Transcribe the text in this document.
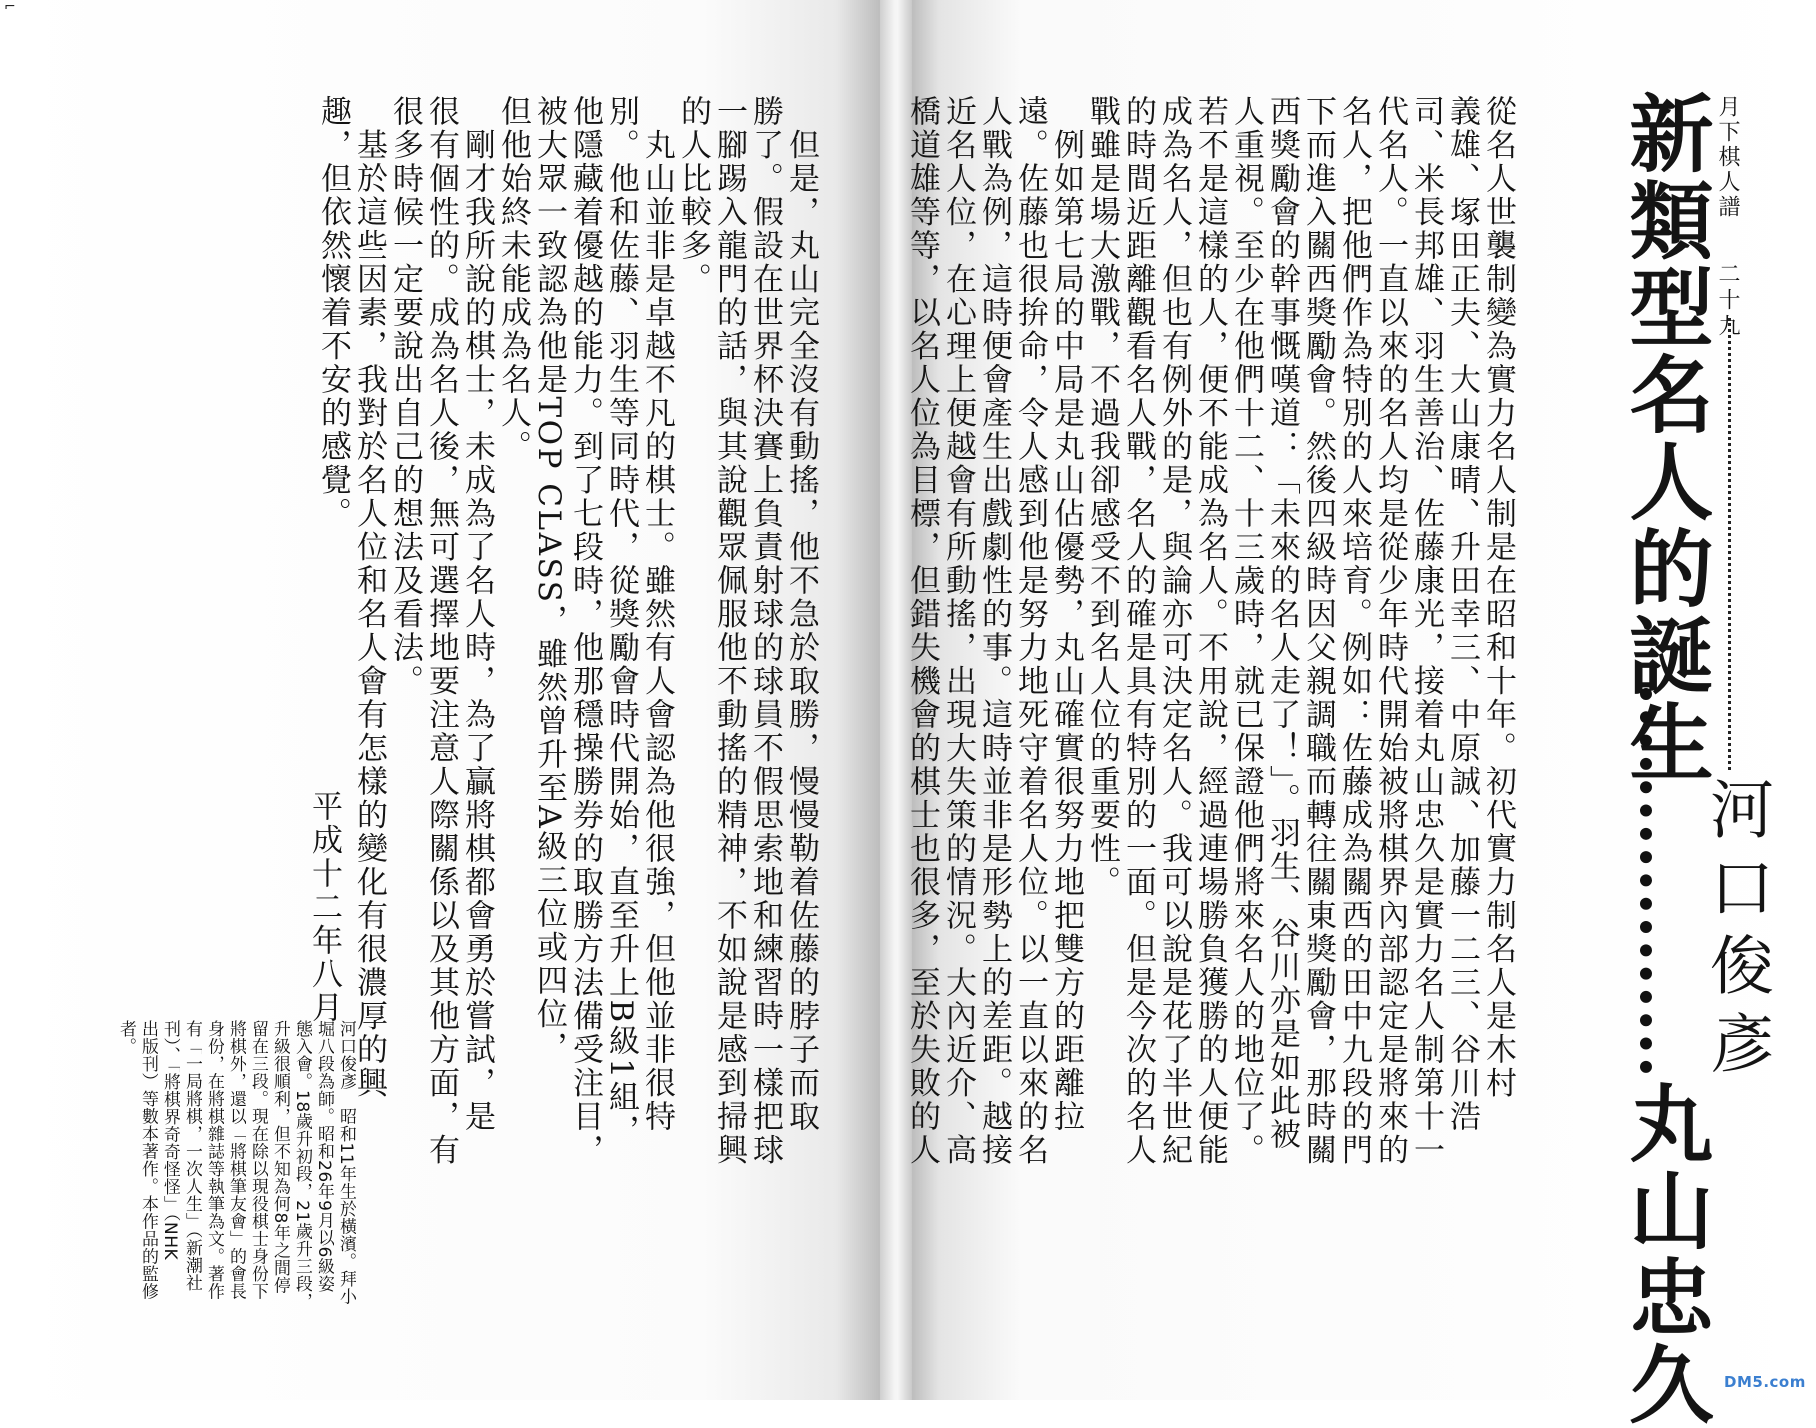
⌐
月下棋人譜
二十九
新類型名人的誕生
丸山忠久
河口俊彥
從名人世襲制變為實力名人制是在昭和十年。初代實力制名人是木村
義雄、塚田正夫、大山康晴、升田幸三、中原誠、加藤一二三、谷川浩
司、米長邦雄、羽生善治、佐藤康光，接着丸山忠久是實力名人制第十一
代名人。一直以來的名人均是從少年時代開始被將棋界內部認定是將來的
名人，把他們作為特別的人來培育。例如：佐藤成為關西的田中九段的門
下而進入關西獎勵會。然後四級時因父親調職而轉往關東獎勵會，那時關
西獎勵會的幹事慨嘆道：「未來的名人走了！」。羽生、谷川亦是如此被
人重視。至少在他們十二、十三歲時，就已保證他們將來名人的地位了。
若不是這樣的人，便不能成為名人。不用說，經過連場勝負獲勝的人便能
成為名人，但也有例外的是，與論亦可決定名人。我可以說是花了半世紀
的時間近距離觀看名人戰，名人的確是具有特別的一面。但是今次的名人
戰雖是場大激戰，不過我卻感受不到名人位的重要性。
　例如第七局的中局是丸山佔優勢，丸山確實很努力地把雙方的距離拉
遠。佐藤也很拚命，令人感到他是努力地死守着名人位。以一直以來的名
人戰為例，這時便會產生出戲劇性的事。這時並非是形勢上的差距。越接
近名人位，在心理上便越會有所動搖，出現大失策的情況。大內近介、高
橋道雄等等，以名人位為目標，但錯失機會的棋士也很多，至於失敗的人
　但是，丸山完全沒有動搖，他不急於取勝，慢慢勒着佐藤的脖子而取
勝了。假設在世界杯決賽上負責射球的球員不假思索地和練習時一樣把球
一腳踢入龍門的話，與其說觀眾佩服他不動搖的精神，不如說是感到掃興
的人比較多。
　丸山並非是卓越不凡的棋士。雖然有人會認為他很強，但他並非很特
別。他和佐藤、羽生等同時代，從獎勵會時代開始，直至升上B級1組，
他隱藏着優越的能力。到了七段時，他那穩操勝券的取勝方法備受注目，
被大眾一致認為他是TOP CLASS，雖然曾升至A級三位或四位，
但他始終未能成為名人。
　剛才我所說的棋士，未成為了名人時，為了贏將棋都會勇於嘗試，是
很有個性的。成為名人後，無可選擇地要注意人際關係以及其他方面，有
很多時候一定要說出自己的想法及看法。
　基於這些因素，我對於名人位和名人會有怎樣的變化有很濃厚的興
趣，但依然懷着不安的感覺。
平成十二年八月
河口俊彥　昭和11年生於橫濱。拜小
堀八段為師。昭和26年9月以6級姿
態入會。18歲升初段，21歲升三段，
升級很順利，但不知為何8年之間停
留在三段。現在除以現役棋士身份下
將棋外，還以「將棋筆友會」的會長
身份，在將棋雜誌等執筆為文。著作
有「一局將棋，一次人生」（新潮社
刊）、「將棋界奇奇怪怪」（NHK
出版刊）等數本著作。本作品的監修
者。
DM5.com
